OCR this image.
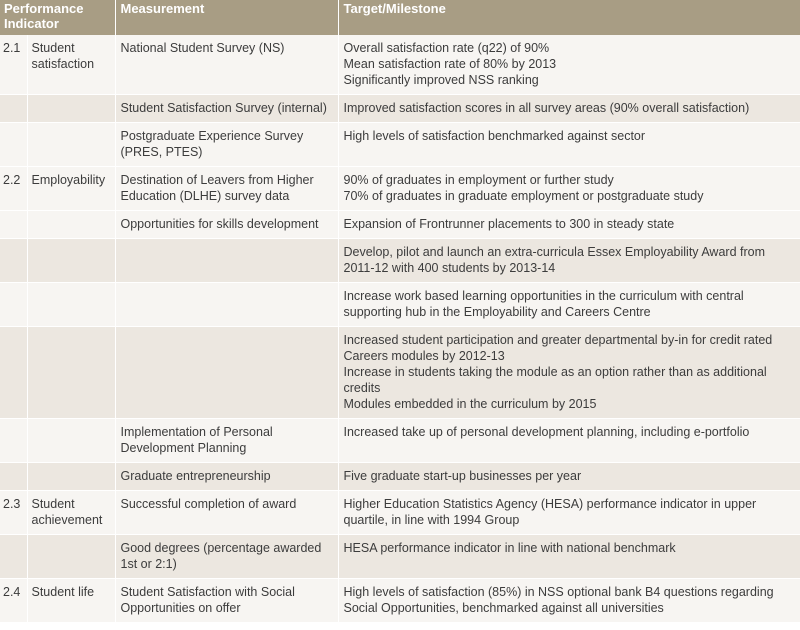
Performance Indicator		Measurement	Target/Milestone
2.1	Student satisfaction	National Student Survey (NS)	Overall satisfaction rate (q22) of 90%
Mean satisfaction rate of 80% by 2013
Significantly improved NSS ranking

		Student Satisfaction Survey (internal)	Improved satisfaction scores in all survey areas (90% overall satisfaction)

		Postgraduate Experience Survey (PRES, PTES)	High levels of satisfaction benchmarked against sector

2.2	Employability	Destination of Leavers from Higher Education (DLHE) survey data	90% of graduates in employment or further study
70% of graduates in graduate employment or postgraduate study

		Opportunities for skills development	Expansion of Frontrunner placements to 300 in steady state

			Develop, pilot and launch an extra-curricula Essex Employability Award from 2011-12 with 400 students by 2013-14

			Increase work based learning opportunities in the curriculum with central supporting hub in the Employability and Careers Centre

			Increased student participation and greater departmental by-in for credit rated Careers modules by 2012-13
Increase in students taking the module as an option rather than as additional credits
Modules embedded in the curriculum by 2015

		Implementation of Personal Development Planning	Increased take up of personal development planning, including e-portfolio

		Graduate entrepreneurship	Five graduate start-up businesses per year

2.3	Student achievement	Successful completion of award	Higher Education Statistics Agency (HESA) performance indicator in upper quartile, in line with 1994 Group

		Good degrees (percentage awarded 1st or 2:1)	HESA performance indicator in line with national benchmark

2.4	Student life	Student Satisfaction with Social Opportunities on offer	High levels of satisfaction (85%) in NSS optional bank B4 questions regarding Social Opportunities, benchmarked against all universities
